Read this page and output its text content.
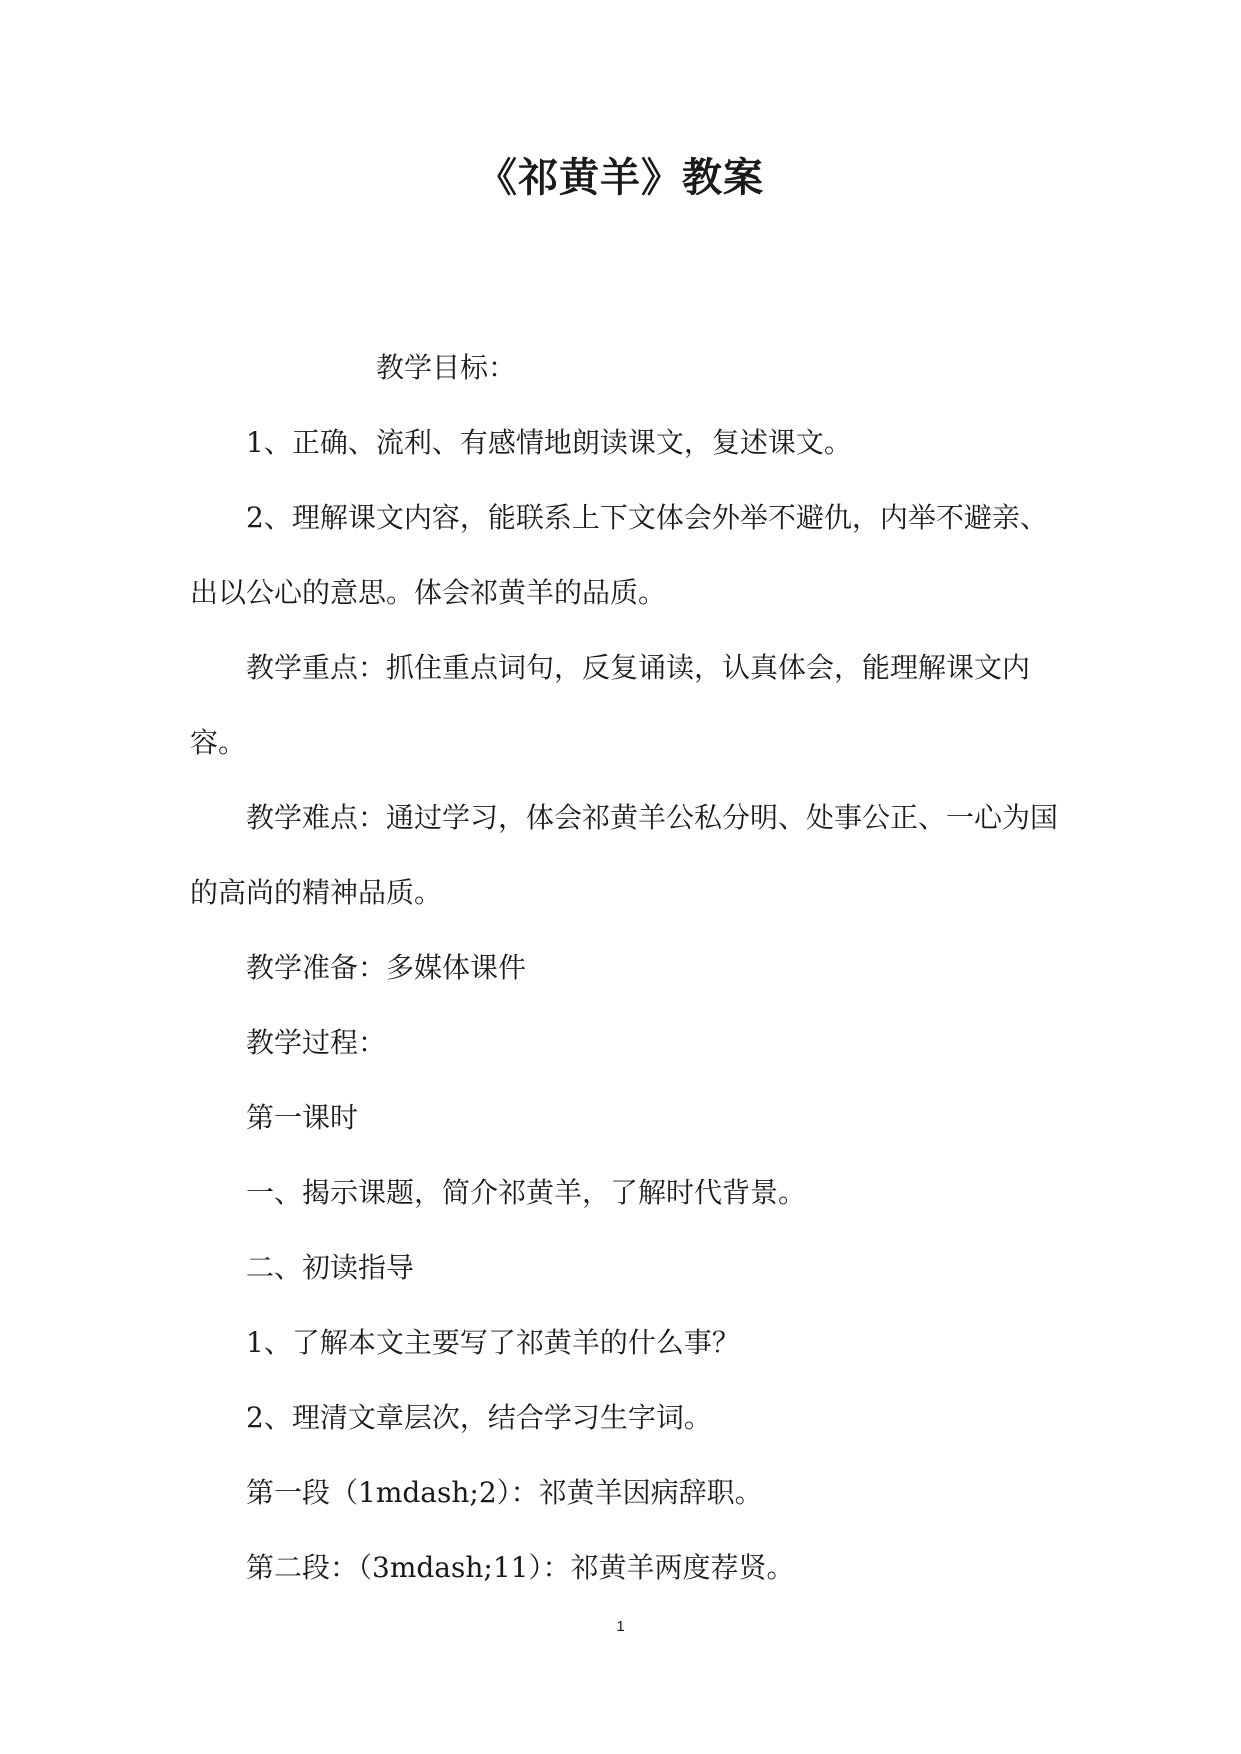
《祁黄羊》教案

教学目标：

1、正确、流利、有感情地朗读课文，复述课文。

2、理解课文内容，能联系上下文体会外举不避仇，内举不避亲、出以公心的意思。体会祁黄羊的品质。

教学重点：抓住重点词句，反复诵读，认真体会，能理解课文内容。

教学难点：通过学习，体会祁黄羊公私分明、处事公正、一心为国的高尚的精神品质。

教学准备：多媒体课件

教学过程：

第一课时

一、揭示课题，简介祁黄羊，了解时代背景。

二、初读指导

1、了解本文主要写了祁黄羊的什么事？

2、理清文章层次，结合学习生字词。

第一段（1mdash;2）：祁黄羊因病辞职。

第二段：（3mdash;11）：祁黄羊两度荐贤。

1
